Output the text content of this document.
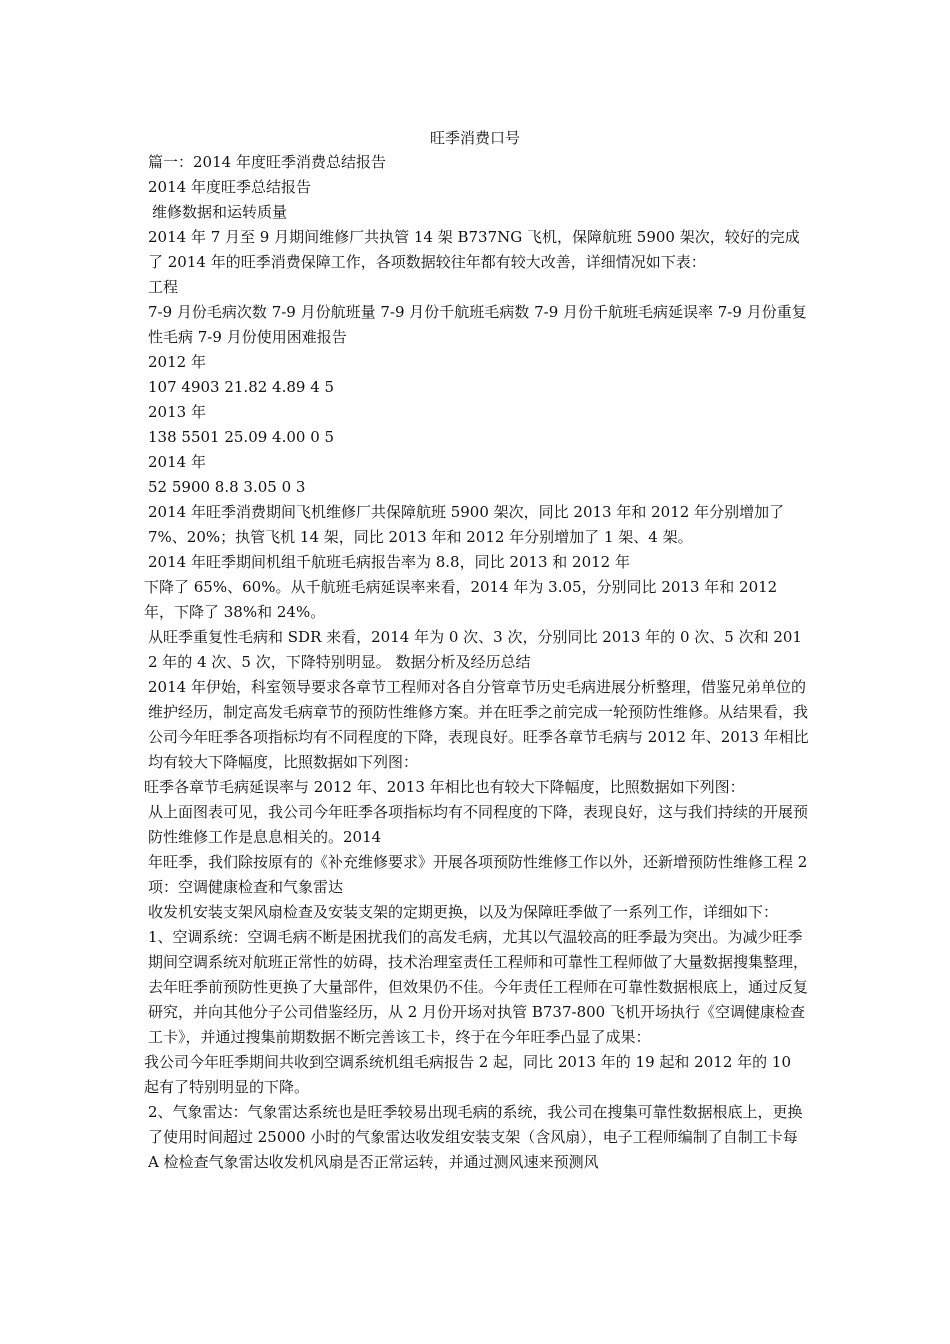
旺季消费口号

篇一：2014 年度旺季消费总结报告

2014 年度旺季总结报告

维修数据和运转质量

2014 年 7 月至 9 月期间维修厂共执管 14 架 B737NG 飞机，保障航班 5900 架次，较好的完成了 2014 年的旺季消费保障工作，各项数据较往年都有较大改善，详细情况如下表：

工程

7-9 月份毛病次数 7-9 月份航班量 7-9 月份千航班毛病数 7-9 月份千航班毛病延误率 7-9 月份重复性毛病 7-9 月份使用困难报告

2012 年

107 4903 21.82 4.89 4 5

2013 年

138 5501 25.09 4.00 0 5

2014 年

52 5900 8.8 3.05 0 3

2014 年旺季消费期间飞机维修厂共保障航班 5900 架次，同比 2013 年和 2012 年分别增加了 7%、20%；执管飞机 14 架，同比 2013 年和 2012 年分别增加了 1 架、4 架。

2014 年旺季期间机组千航班毛病报告率为 8.8，同比 2013 和 2012 年

下降了 65%、60%。从千航班毛病延误率来看，2014 年为 3.05，分别同比 2013 年和 2012 年，下降了 38%和 24%。

从旺季重复性毛病和 SDR 来看，2014 年为 0 次、3 次，分别同比 2013 年的 0 次、5 次和 2012 年的 4 次、5 次，下降特别明显。 数据分析及经历总结

2014 年伊始，科室领导要求各章节工程师对各自分管章节历史毛病进展分析整理，借鉴兄弟单位的维护经历，制定高发毛病章节的预防性维修方案。并在旺季之前完成一轮预防性维修。从结果看，我公司今年旺季各项指标均有不同程度的下降，表现良好。旺季各章节毛病与 2012 年、2013 年相比均有较大下降幅度，比照数据如下列图：

旺季各章节毛病延误率与 2012 年、2013 年相比也有较大下降幅度，比照数据如下列图：

从上面图表可见，我公司今年旺季各项指标均有不同程度的下降，表现良好，这与我们持续的开展预防性维修工作是息息相关的。2014

年旺季，我们除按原有的《补充维修要求》开展各项预防性维修工作以外，还新增预防性维修工程 2 项：空调健康检查和气象雷达

收发机安装支架风扇检查及安装支架的定期更换，以及为保障旺季做了一系列工作，详细如下：

1、空调系统：空调毛病不断是困扰我们的高发毛病，尤其以气温较高的旺季最为突出。为减少旺季期间空调系统对航班正常性的妨碍，技术治理室责任工程师和可靠性工程师做了大量数据搜集整理，去年旺季前预防性更换了大量部件，但效果仍不佳。今年责任工程师在可靠性数据根底上，通过反复研究，并向其他分子公司借鉴经历，从 2 月份开场对执管 B737-800 飞机开场执行《空调健康检查工卡》，并通过搜集前期数据不断完善该工卡，终于在今年旺季凸显了成果：

我公司今年旺季期间共收到空调系统机组毛病报告 2 起，同比 2013 年的 19 起和 2012 年的 10 起有了特别明显的下降。

2、气象雷达：气象雷达系统也是旺季较易出现毛病的系统，我公司在搜集可靠性数据根底上，更换了使用时间超过 25000 小时的气象雷达收发组安装支架（含风扇），电子工程师编制了自制工卡每 A 检检查气象雷达收发机风扇是否正常运转，并通过测风速来预测风
